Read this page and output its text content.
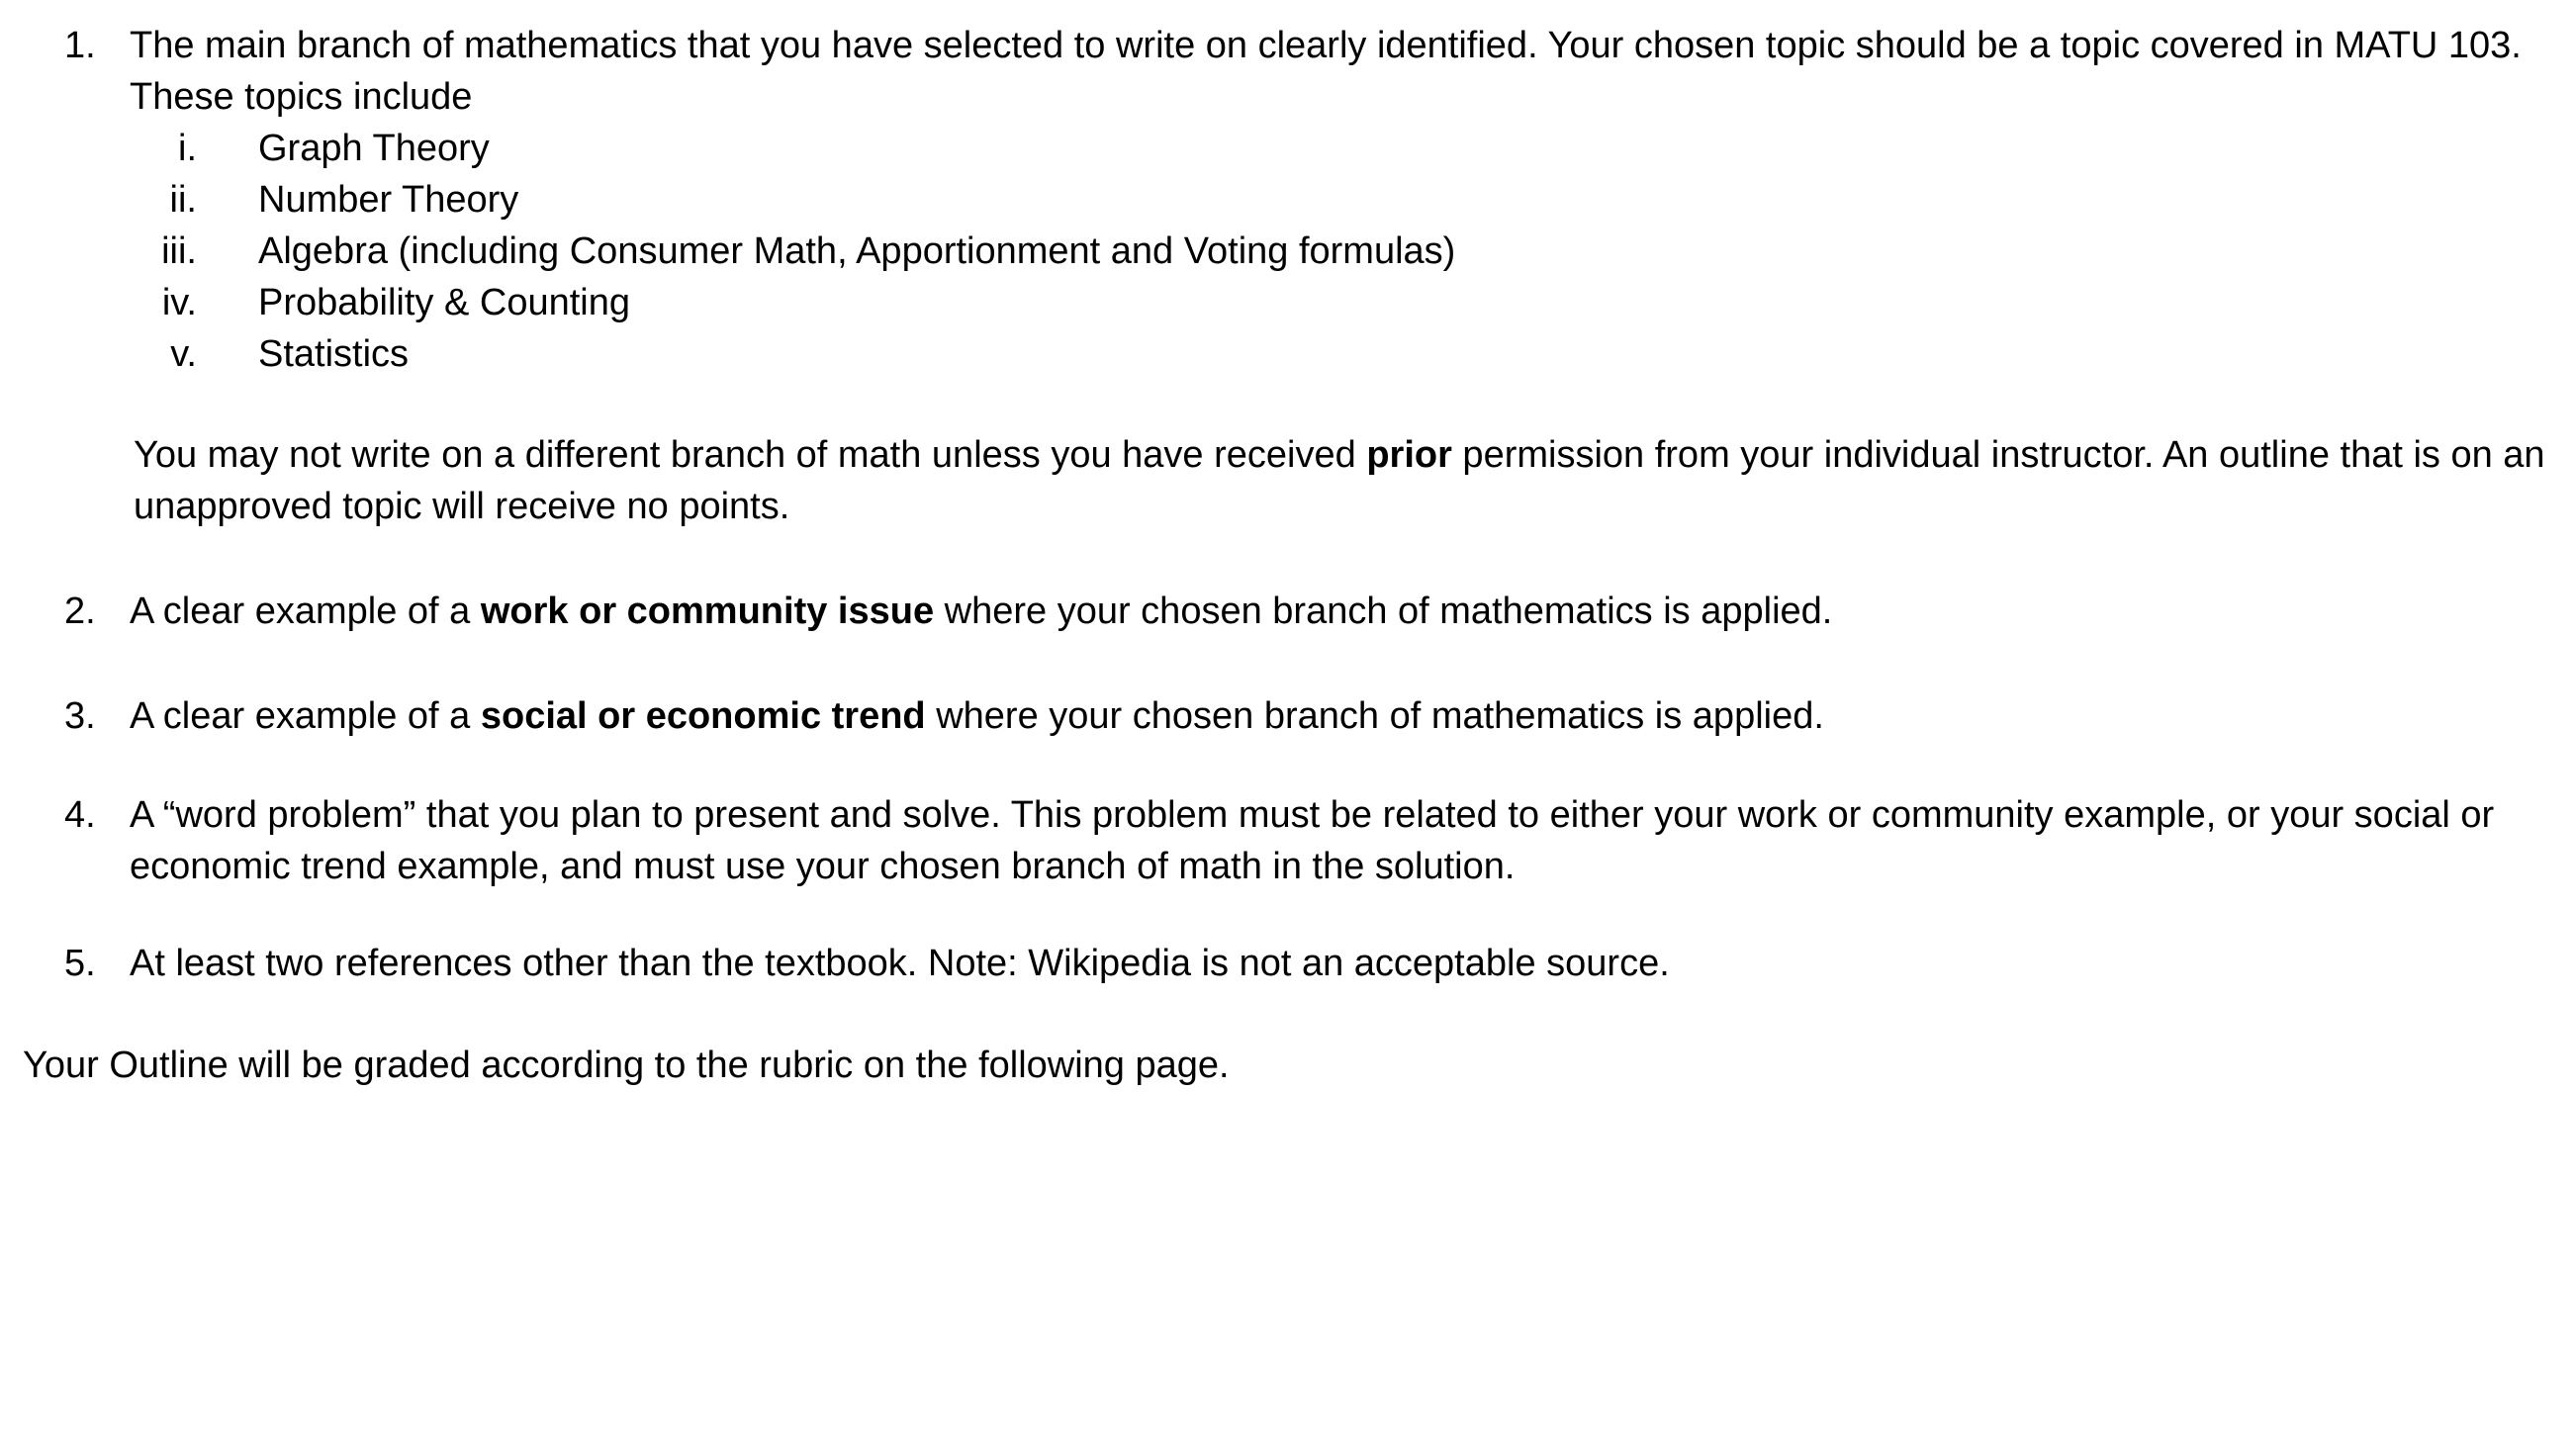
1. The main branch of mathematics that you have selected to write on clearly identified. Your chosen topic should be a topic covered in MATU 103. These topics include
i. Graph Theory
ii. Number Theory
iii. Algebra (including Consumer Math, Apportionment and Voting formulas)
iv. Probability & Counting
v. Statistics
You may not write on a different branch of math unless you have received prior permission from your individual instructor. An outline that is on an unapproved topic will receive no points.
2. A clear example of a work or community issue where your chosen branch of mathematics is applied.
3. A clear example of a social or economic trend where your chosen branch of mathematics is applied.
4. A “word problem” that you plan to present and solve. This problem must be related to either your work or community example, or your social or economic trend example, and must use your chosen branch of math in the solution.
5. At least two references other than the textbook. Note: Wikipedia is not an acceptable source.
Your Outline will be graded according to the rubric on the following page.
